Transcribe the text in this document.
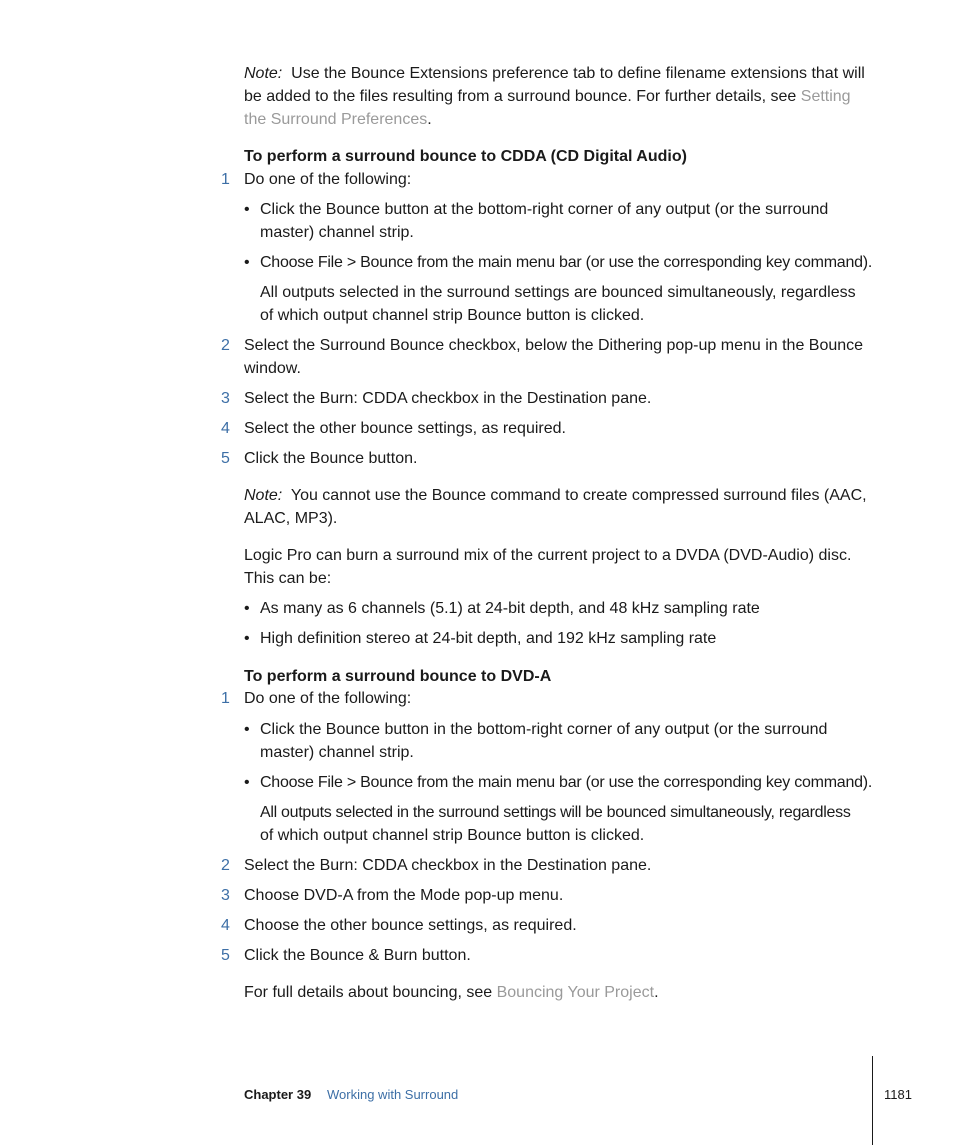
Note: Use the Bounce Extensions preference tab to define filename extensions that will
be added to the files resulting from a surround bounce. For further details, see Setting
the Surround Preferences.
To perform a surround bounce to CDDA (CD Digital Audio)
1 Do one of the following:
• Click the Bounce button at the bottom-right corner of any output (or the surround
master) channel strip.
• Choose File > Bounce from the main menu bar (or use the corresponding key command).
All outputs selected in the surround settings are bounced simultaneously, regardless
of which output channel strip Bounce button is clicked.
2 Select the Surround Bounce checkbox, below the Dithering pop-up menu in the Bounce
window.
3 Select the Burn: CDDA checkbox in the Destination pane.
4 Select the other bounce settings, as required.
5 Click the Bounce button.
Note: You cannot use the Bounce command to create compressed surround files (AAC,
ALAC, MP3).
Logic Pro can burn a surround mix of the current project to a DVDA (DVD-Audio) disc.
This can be:
• As many as 6 channels (5.1) at 24-bit depth, and 48 kHz sampling rate
• High definition stereo at 24-bit depth, and 192 kHz sampling rate
To perform a surround bounce to DVD-A
1 Do one of the following:
• Click the Bounce button in the bottom-right corner of any output (or the surround
master) channel strip.
• Choose File > Bounce from the main menu bar (or use the corresponding key command).
All outputs selected in the surround settings will be bounced simultaneously, regardless
of which output channel strip Bounce button is clicked.
2 Select the Burn: CDDA checkbox in the Destination pane.
3 Choose DVD-A from the Mode pop-up menu.
4 Choose the other bounce settings, as required.
5 Click the Bounce & Burn button.
For full details about bouncing, see Bouncing Your Project.
Chapter 39 Working with Surround	1181
